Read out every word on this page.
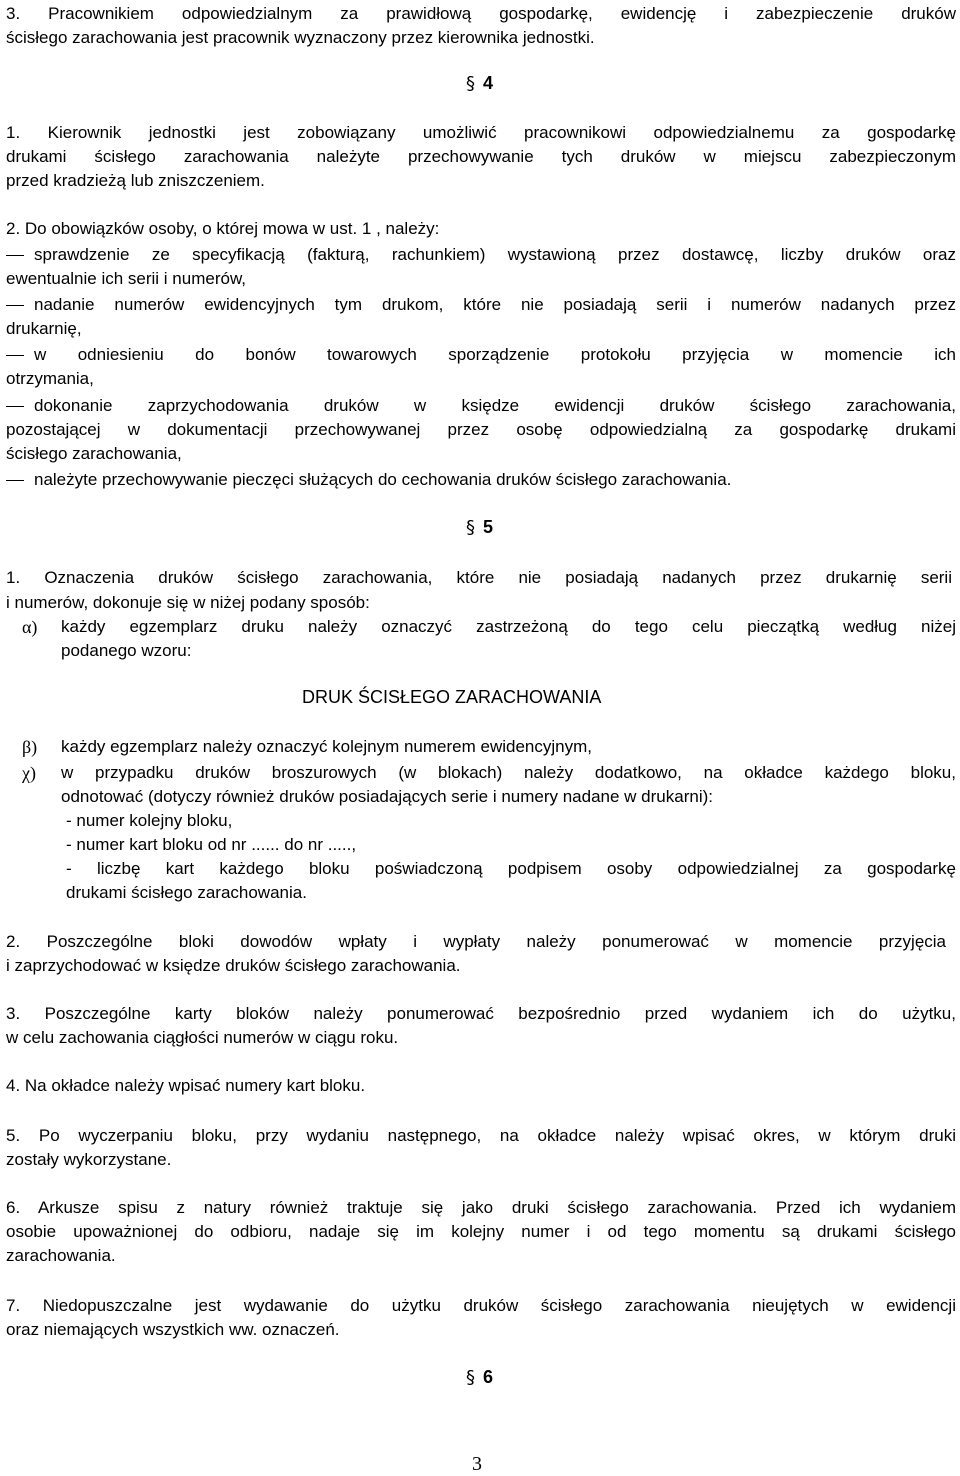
3. Pracownikiem odpowiedzialnym za prawidłową gospodarkę, ewidencję i zabezpieczenie druków
ścisłego zarachowania jest pracownik wyznaczony przez kierownika jednostki.
§ 4
1. Kierownik jednostki jest zobowiązany umożliwić pracownikowi odpowiedzialnemu za gospodarkę
drukami ścisłego zarachowania należyte przechowywanie tych druków w miejscu zabezpieczonym
przed kradzieżą lub zniszczeniem.
2. Do obowiązków osoby, o której mowa w ust. 1 , należy:
sprawdzenie ze specyfikacją (fakturą, rachunkiem) wystawioną przez dostawcę, liczby druków oraz
ewentualnie ich serii i numerów,
nadanie numerów ewidencyjnych tym drukom, które nie posiadają serii i numerów nadanych przez
drukarnię,
w odniesieniu do bonów towarowych sporządzenie protokołu przyjęcia w momencie ich
otrzymania,
dokonanie zaprzychodowania druków w księdze ewidencji druków ścisłego zarachowania,
pozostającej w dokumentacji przechowywanej przez osobę odpowiedzialną za gospodarkę drukami
ścisłego zarachowania,
należyte przechowywanie pieczęci służących do cechowania druków ścisłego zarachowania.
§ 5
1. Oznaczenia druków ścisłego zarachowania, które nie posiadają nadanych przez drukarnię serii
i numerów, dokonuje się w niżej podany sposób:
α) każdy egzemplarz druku należy oznaczyć zastrzeżoną do tego celu pieczątką według niżej
podanego wzoru:
DRUK ŚCISŁEGO ZARACHOWANIA
β) każdy egzemplarz należy oznaczyć kolejnym numerem ewidencyjnym,
χ) w przypadku druków broszurowych (w blokach) należy dodatkowo, na okładce każdego bloku,
odnotować (dotyczy również druków posiadających serie i numery nadane w drukarni):
- numer kolejny bloku,
- numer kart bloku od nr ...... do nr .....,
- liczbę kart każdego bloku poświadczoną podpisem osoby odpowiedzialnej za gospodarkę
drukami ścisłego zarachowania.
2. Poszczególne bloki dowodów wpłaty i wypłaty należy ponumerować w momencie przyjęcia
i zaprzychodować w księdze druków ścisłego zarachowania.
3. Poszczególne karty bloków należy ponumerować bezpośrednio przed wydaniem ich do użytku,
w celu zachowania ciągłości numerów w ciągu roku.
4. Na okładce należy wpisać numery kart bloku.
5. Po wyczerpaniu bloku, przy wydaniu następnego, na okładce należy wpisać okres, w którym druki
zostały wykorzystane.
6. Arkusze spisu z natury również traktuje się jako druki ścisłego zarachowania. Przed ich wydaniem
osobie upoważnionej do odbioru, nadaje się im kolejny numer i od tego momentu są drukami ścisłego
zarachowania.
7. Niedopuszczalne jest wydawanie do użytku druków ścisłego zarachowania nieujętych w ewidencji
oraz niemających wszystkich ww. oznaczeń.
§ 6
3
